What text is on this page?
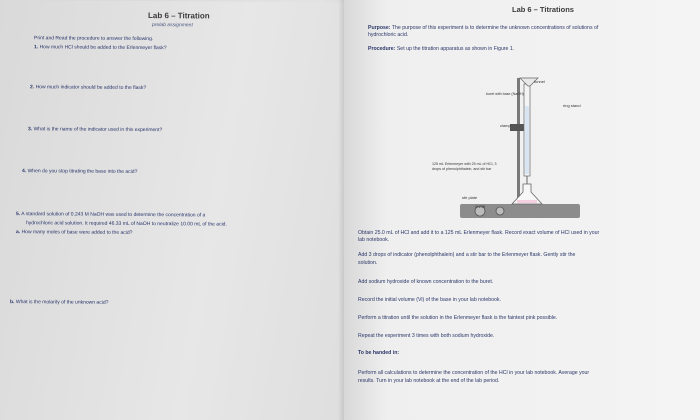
Lab 6 – Titration
prelab assignment
Print and Read the procedure to answer the following.
1. How much HCl should be added to the Erlenmeyer flask?
2. How much indicator should be added to the flask?
3. What is the name of the indicator used in this experiment?
4. When do you stop titrating the base into the acid?
5. A standard solution of 0.243 M NaOH was used to determine the concentration of a
hydrochloric acid solution. It required 46.33 mL of NaOH to neutralize 10.00 mL of the acid.
a. How many moles of base were added to the acid?
b. What is the molarity of the unknown acid?
Lab 6 – Titrations
Purpose: The purpose of this experiment is to determine the unknown concentrations of solutions of
hydrochloric acid.
Procedure: Set up the titration apparatus as shown in Figure 1.
Obtain 25.0 mL of HCl and add it to a 125 mL Erlenmeyer flask. Record exact volume of HCl used in your
lab notebook.
Add 3 drops of indicator (phenolphthalein) and a stir bar to the Erlenmeyer flask. Gently stir the
solution.
Add sodium hydroxide of known concentration to the buret.
Record the initial volume (Vi) of the base in your lab notebook.
Perform a titration until the solution in the Erlenmeyer flask is the faintest pink possible.
Repeat the experiment 3 times with both sodium hydroxide.
To be handed in:
Perform all calculations to determine the concentration of the HCl in your lab notebook. Average your
results. Turn in your lab notebook at the end of the lab period.
funnel
buret with base (NaOH)
ring stand
clamp
125 mL Erlenmeyer with 25 mL of HCl, 3 drops of phenolphthalein, and stir bar
stir plate
On/Off
